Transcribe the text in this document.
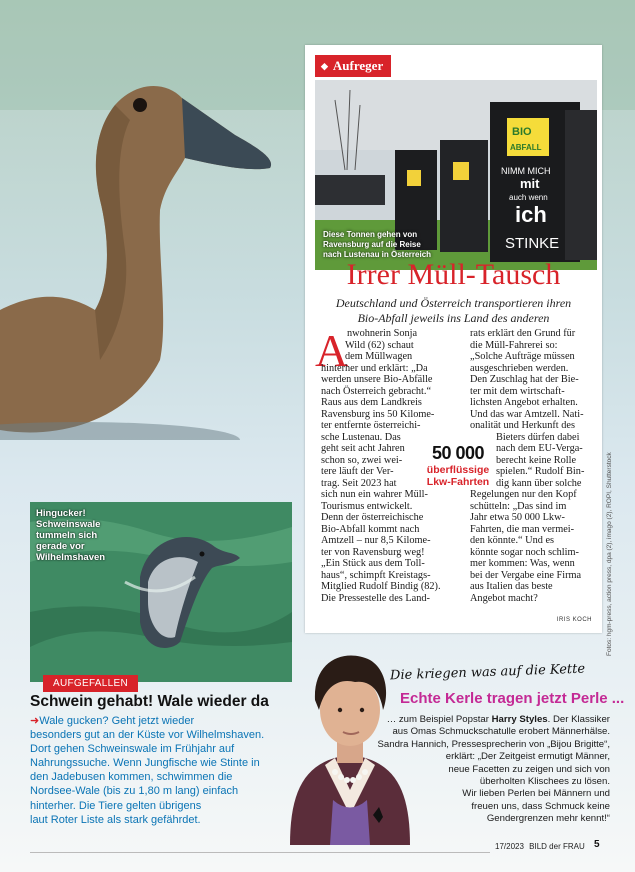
◆ Aufreger
BIO
ABFALL
NIMM MICH
mit
auch wenn
ich
STINKE
Diese Tonnen gehen von
Ravensburg auf die Reise
nach Lustenau in Österreich
Irrer Müll-Tausch
Deutschland und Österreich transportieren ihren
Bio-Abfall jeweils ins Land des anderen
A
nwohnerin Sonja
Wild (62) schaut
dem Müllwagen
hinterher und erklärt: „Da
werden unsere Bio-Abfälle
nach Österreich gebracht.“
Raus aus dem Landkreis
Ravensburg ins 50 Kilome-
ter entfernte österreichi-
sche Lustenau. Das
geht seit acht Jahren
schon so, zwei wei-
tere läuft der Ver-
trag. Seit 2023 hat
sich nun ein wahrer Müll-
Tourismus entwickelt.
Denn der österreichische
Bio-Abfall kommt nach
Amtzell – nur 8,5 Kilome-
ter von Ravensburg weg!
„Ein Stück aus dem Toll-
haus“, schimpft Kreistags-
Mitglied Rudolf Bindig (82).
Die Pressestelle des Land-
rats erklärt den Grund für
die Müll-Fahrerei so:
„Solche Aufträge müssen
ausgeschrieben werden.
Den Zuschlag hat der Bie-
ter mit dem wirtschaft-
lichsten Angebot erhalten.
Und das war Amtzell. Nati-
onalität und Herkunft des
Bieters dürfen dabei
nach dem EU-Verga-
berecht keine Rolle
spielen.“ Rudolf Bin-
dig kann über solche
Regelungen nur den Kopf
schütteln: „Das sind im
Jahr etwa 50 000 Lkw-
Fahrten, die man vermei-
den könnte.“ Und es
könnte sogar noch schlim-
mer kommen: Was, wenn
bei der Vergabe eine Firma
aus Italien das beste
Angebot macht?
50 000
überflüssige
Lkw-Fahrten
IRIS KOCH Fotos: hgm-press, action press, dpa (2), imago (2), ROPI, Shutterstock
Hingucker!
Schweinswale
tummeln sich
gerade vor
Wilhelmshaven
AUFGEFALLEN
Schwein gehabt! Wale wieder da
➜Wale gucken? Geht jetzt wieder
besonders gut an der Küste vor Wilhelmshaven.
Dort gehen Schweinswale im Frühjahr auf
Nahrungssuche. Wenn Jungfische wie Stinte in
den Jadebusen kommen, schwimmen die
Nordsee-Wale (bis zu 1,80 m lang) einfach
hinterher. Die Tiere gelten übrigens
laut Roter Liste als stark gefährdet.
Die kriegen was auf die Kette
Echte Kerle tragen jetzt Perle ...
… zum Beispiel Popstar Harry Styles. Der Klassiker
aus Omas Schmuckschatulle erobert Männerhälse.
Sandra Hannich, Pressesprecherin von „Bijou Brigitte“,
erklärt: „Der Zeitgeist ermutigt Männer,
neue Facetten zu zeigen und sich von
überholten Klischees zu lösen.
Wir lieben Perlen bei Männern und
freuen uns, dass Schmuck keine
Gendergrenzen mehr kennt!“
17/2023 BILD der FRAU 5
